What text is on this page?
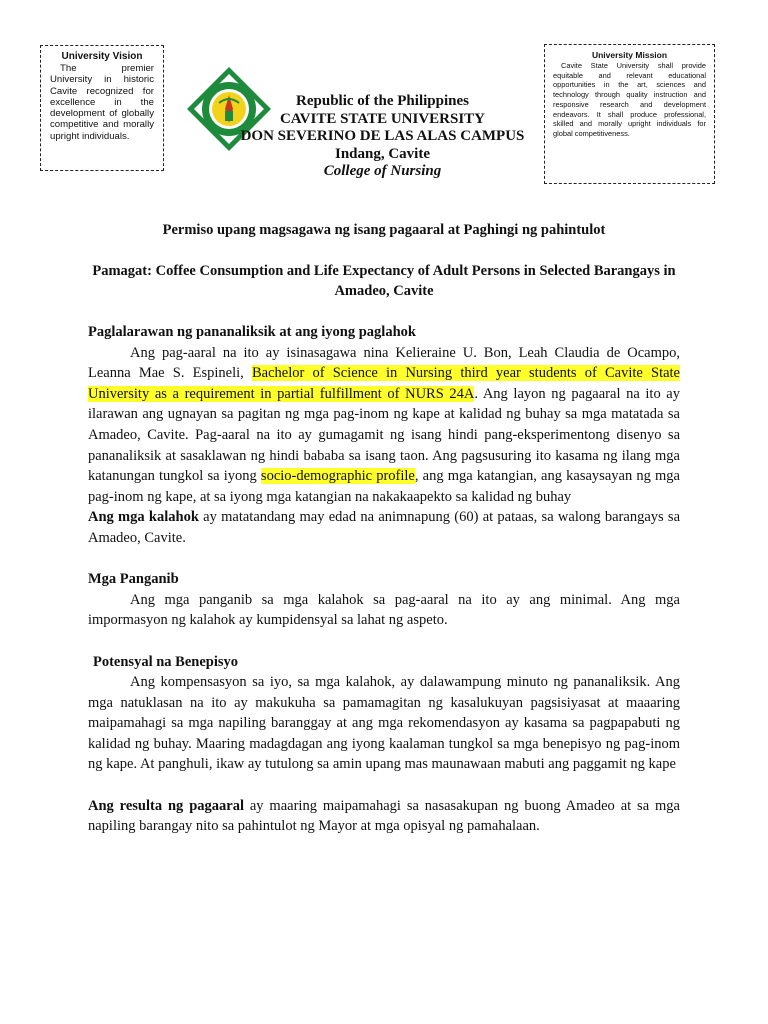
University Vision
The premier University in historic Cavite recognized for excellence in the development of globally competitive and morally upright individuals.
Republic of the Philippines
CAVITE STATE UNIVERSITY
DON SEVERINO DE LAS ALAS CAMPUS
Indang, Cavite
College of Nursing
University Mission
Cavite State University shall provide equitable and relevant educational opportunities in the art, sciences and technology through quality instruction and responsive research and development endeavors. It shall produce professional, skilled and morally upright individuals for global competitiveness.
Permiso upang magsagawa ng isang pagaaral at Paghingi ng pahintulot
Pamagat: Coffee Consumption and Life Expectancy of Adult Persons in Selected Barangays in Amadeo, Cavite

Paglalarawan ng pananaliksik at ang iyong paglahok

Ang pag-aaral na ito ay isinasagawa nina Kelieraine U. Bon, Leah Claudia de Ocampo, Leanna Mae S. Espineli, Bachelor of Science in Nursing third year students of Cavite State University as a requirement in partial fulfillment of NURS 24A. Ang layon ng pagaaral na ito ay ilarawan ang ugnayan sa pagitan ng mga pag-inom ng kape at kalidad ng buhay sa mga matatada sa Amadeo, Cavite. Pag-aaral na ito ay gumagamit ng isang hindi pang-eksperimentong disenyo sa pananaliksik at sasaklawan ng hindi bababa sa isang taon. Ang pagsusuring ito kasama ng ilang mga katanungan tungkol sa iyong socio-demographic profile, ang mga katangian, ang kasaysayan ng mga pag-inom ng kape, at sa iyong mga katangian na nakakaapekto sa kalidad ng buhay

Ang mga kalahok ay matatandang may edad na animnapung (60) at pataas, sa walong barangays sa Amadeo, Cavite.

Mga Panganib

Ang mga panganib sa mga kalahok sa pag-aaral na ito ay ang minimal. Ang mga impormasyon ng kalahok ay kumpidensyal sa lahat ng aspeto.

Potensyal na Benepisyo

Ang kompensasyon sa iyo, sa mga kalahok, ay dalawampung minuto ng pananaliksik. Ang mga natuklasan na ito ay makukuha sa pamamagitan ng kasalukuyan pagsisiyasat at maaaring maipamahagi sa mga napiling baranggay at ang mga rekomendasyon ay kasama sa pagpapabuti ng kalidad ng buhay. Maaring madagdagan ang iyong kaalaman tungkol sa mga benepisyo ng pag-inom ng kape. At panghuli, ikaw ay tutulong sa amin upang mas maunawaan mabuti ang paggamit ng kape

Ang resulta ng pagaaral ay maaring maipamahagi sa nasasakupan ng buong Amadeo at sa mga napiling barangay nito sa pahintulot ng Mayor at mga opisyal ng pamahalaan.
